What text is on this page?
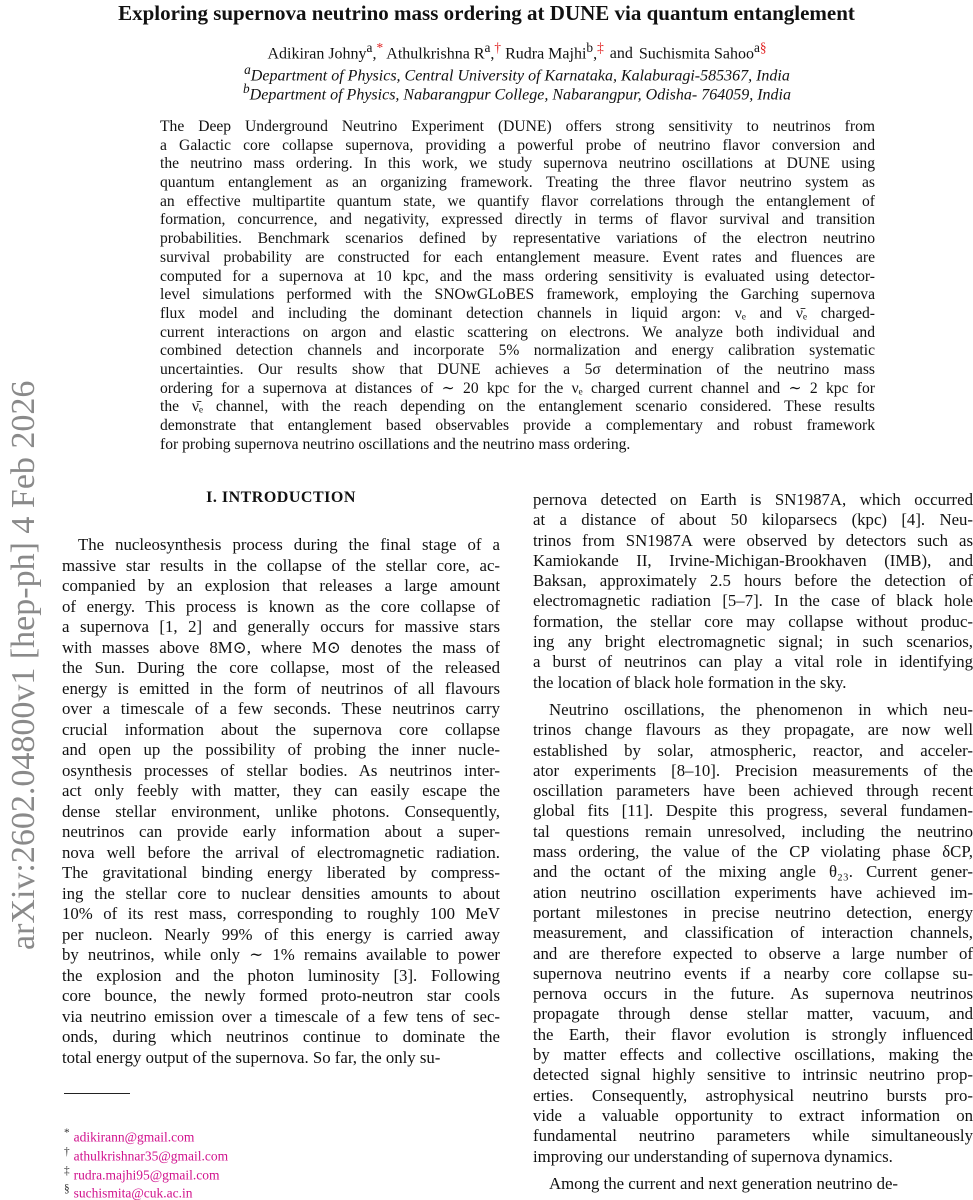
arXiv:2602.04800v1 [hep-ph] 4 Feb 2026
Exploring supernova neutrino mass ordering at DUNE via quantum entanglement
Adikiran Johny$^a$,* Athulkrishna $R^a,^\dagger$ Rudra Majhi$^b$,‡ and Suchismita Sahoo$^{a\S}$
$^a$Department of Physics, Central University of Karnataka, Kalaburagi-585367, India
$^b$Department of Physics, Nabarangpur College, Nabarangpur, Odisha- 764059, India
The Deep Underground Neutrino Experiment (DUNE) offers strong sensitivity to neutrinos from
a Galactic core collapse supernova, providing a powerful probe of neutrino flavor conversion and
the neutrino mass ordering. In this work, we study supernova neutrino oscillations at DUNE using
quantum entanglement as an organizing framework. Treating the three flavor neutrino system as
an effective multipartite quantum state, we quantify flavor correlations through the entanglement of
formation, concurrence, and negativity, expressed directly in terms of flavor survival and transition
probabilities. Benchmark scenarios defined by representative variations of the electron neutrino
survival probability are constructed for each entanglement measure. Event rates and fluences are
computed for a supernova at 10 kpc, and the mass ordering sensitivity is evaluated using detector-
level simulations performed with the SNOwGLoBES framework, employing the Garching supernova
flux model and including the dominant detection channels in liquid argon: νₑ and ν̄ₑ charged-
current interactions on argon and elastic scattering on electrons. We analyze both individual and
combined detection channels and incorporate 5% normalization and energy calibration systematic
uncertainties. Our results show that DUNE achieves a 5σ determination of the neutrino mass
ordering for a supernova at distances of ∼ 20 kpc for the νₑ charged current channel and ∼ 2 kpc for
the ν̄ₑ channel, with the reach depending on the entanglement scenario considered. These results
demonstrate that entanglement based observables provide a complementary and robust framework
for probing supernova neutrino oscillations and the neutrino mass ordering.
I. INTRODUCTION
The nucleosynthesis process during the final stage of a
massive star results in the collapse of the stellar core, ac-
companied by an explosion that releases a large amount
of energy. This process is known as the core collapse of
a supernova [1, 2] and generally occurs for massive stars
with masses above 8M⊙, where M⊙ denotes the mass of
the Sun. During the core collapse, most of the released
energy is emitted in the form of neutrinos of all flavours
over a timescale of a few seconds. These neutrinos carry
crucial information about the supernova core collapse
and open up the possibility of probing the inner nucle-
osynthesis processes of stellar bodies. As neutrinos inter-
act only feebly with matter, they can easily escape the
dense stellar environment, unlike photons. Consequently,
neutrinos can provide early information about a super-
nova well before the arrival of electromagnetic radiation.
The gravitational binding energy liberated by compress-
ing the stellar core to nuclear densities amounts to about
10% of its rest mass, corresponding to roughly 100 MeV
per nucleon. Nearly 99% of this energy is carried away
by neutrinos, while only ∼ 1% remains available to power
the explosion and the photon luminosity [3]. Following
core bounce, the newly formed proto-neutron star cools
via neutrino emission over a timescale of a few tens of sec-
onds, during which neutrinos continue to dominate the
total energy output of the supernova. So far, the only su-
pernova detected on Earth is SN1987A, which occurred
at a distance of about 50 kiloparsecs (kpc) [4]. Neu-
trinos from SN1987A were observed by detectors such as
Kamiokande II, Irvine-Michigan-Brookhaven (IMB), and
Baksan, approximately 2.5 hours before the detection of
electromagnetic radiation [5–7]. In the case of black hole
formation, the stellar core may collapse without produc-
ing any bright electromagnetic signal; in such scenarios,
a burst of neutrinos can play a vital role in identifying
the location of black hole formation in the sky.
Neutrino oscillations, the phenomenon in which neu-
trinos change flavours as they propagate, are now well
established by solar, atmospheric, reactor, and acceler-
ator experiments [8–10]. Precision measurements of the
oscillation parameters have been achieved through recent
global fits [11]. Despite this progress, several fundamen-
tal questions remain unresolved, including the neutrino
mass ordering, the value of the CP violating phase δCP,
and the octant of the mixing angle θ₂₃. Current gener-
ation neutrino oscillation experiments have achieved im-
portant milestones in precise neutrino detection, energy
measurement, and classification of interaction channels,
and are therefore expected to observe a large number of
supernova neutrino events if a nearby core collapse su-
pernova occurs in the future. As supernova neutrinos
propagate through dense stellar matter, vacuum, and
the Earth, their flavor evolution is strongly influenced
by matter effects and collective oscillations, making the
detected signal highly sensitive to intrinsic neutrino prop-
erties. Consequently, astrophysical neutrino bursts pro-
vide a valuable opportunity to extract information on
fundamental neutrino parameters while simultaneously
improving our understanding of supernova dynamics.
Among the current and next generation neutrino de-
* adikirann@gmail.com
† athulkrishnar35@gmail.com
‡ rudra.majhi95@gmail.com
§ suchismita@cuk.ac.in
